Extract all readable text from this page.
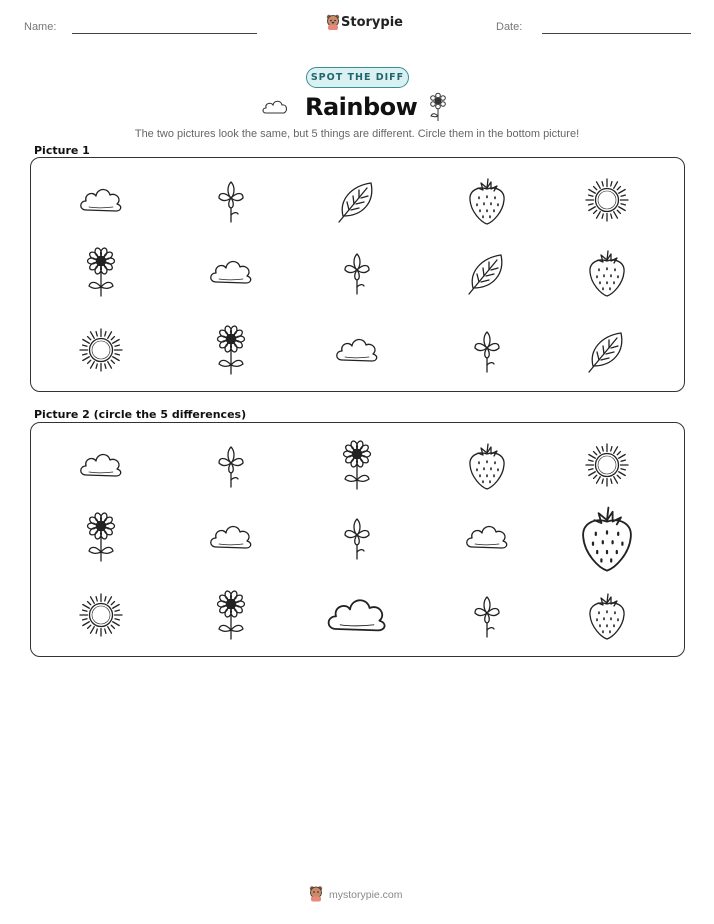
Name:	Storypie	Date:
SPOT THE DIFF
Rainbow
The two pictures look the same, but 5 things are different. Circle them in the bottom picture!
Picture 1
Picture 2 (circle the 5 differences)
mystorypie.com
